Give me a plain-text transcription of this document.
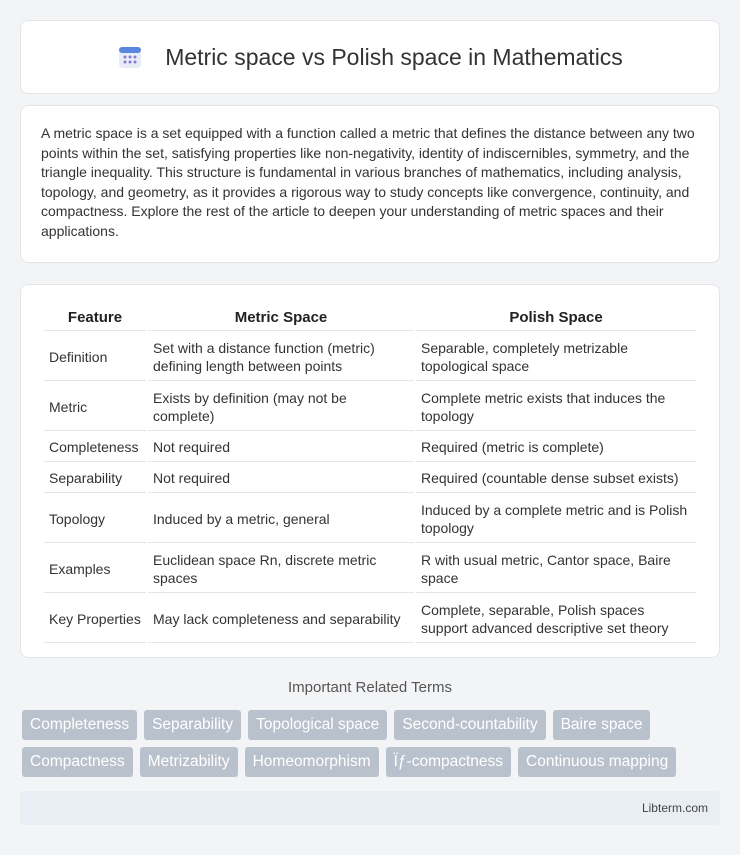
Metric space vs Polish space in Mathematics

A metric space is a set equipped with a function called a metric that defines the distance between any two points within the set, satisfying properties like non-negativity, identity of indiscernibles, symmetry, and the triangle inequality. This structure is fundamental in various branches of mathematics, including analysis, topology, and geometry, as it provides a rigorous way to study concepts like convergence, continuity, and compactness. Explore the rest of the article to deepen your understanding of metric spaces and their applications.

Feature	Metric Space	Polish Space
Definition	Set with a distance function (metric) defining length between points	Separable, completely metrizable topological space
Metric	Exists by definition (may not be complete)	Complete metric exists that induces the topology
Completeness	Not required	Required (metric is complete)
Separability	Not required	Required (countable dense subset exists)
Topology	Induced by a metric, general	Induced by a complete metric and is Polish topology
Examples	Euclidean space Rn, discrete metric spaces	R with usual metric, Cantor space, Baire space
Key Properties	May lack completeness and separability	Complete, separable, Polish spaces support advanced descriptive set theory
Important Related Terms
Completeness	Separability	Topological space	Second-countability	Baire space
Compactness	Metrizability	Homeomorphism	Ïƒ-compactness	Continuous mapping
Libterm.com
